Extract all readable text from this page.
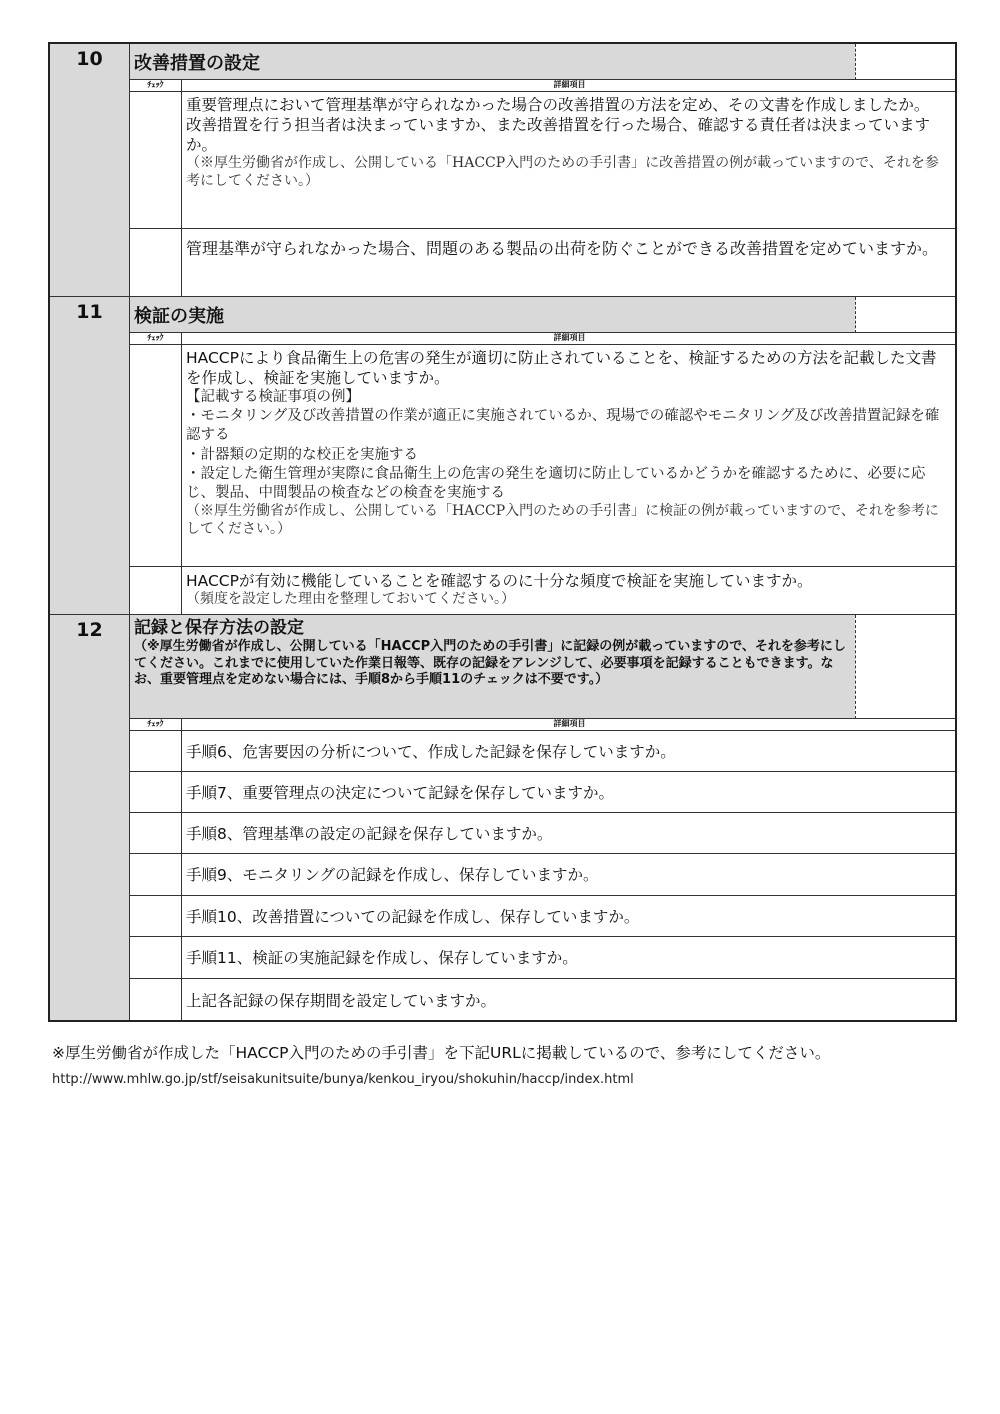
10 改善措置の設定
ﾁｪｯｸ	詳細項目
重要管理点において管理基準が守られなかった場合の改善措置の方法を定め、その文書を作成しましたか。
改善措置を行う担当者は決まっていますか、また改善措置を行った場合、確認する責任者は決まっていますか。
（※厚生労働省が作成し、公開している「HACCP入門のための手引書」に改善措置の例が載っていますので、それを参考にしてください。）
管理基準が守られなかった場合、問題のある製品の出荷を防ぐことができる改善措置を定めていますか。
11 検証の実施
ﾁｪｯｸ	詳細項目
HACCPにより食品衛生上の危害の発生が適切に防止されていることを、検証するための方法を記載した文書を作成し、検証を実施していますか。
【記載する検証事項の例】
・モニタリング及び改善措置の作業が適正に実施されているか、現場での確認やモニタリング及び改善措置記録を確認する
・計器類の定期的な校正を実施する
・設定した衛生管理が実際に食品衛生上の危害の発生を適切に防止しているかどうかを確認するために、必要に応じ、製品、中間製品の検査などの検査を実施する
（※厚生労働省が作成し、公開している「HACCP入門のための手引書」に検証の例が載っていますので、それを参考にしてください。）
HACCPが有効に機能していることを確認するのに十分な頻度で検証を実施していますか。
（頻度を設定した理由を整理しておいてください。）
12 記録と保存方法の設定
（※厚生労働省が作成し、公開している「HACCP入門のための手引書」に記録の例が載っていますので、それを参考にしてください。これまでに使用していた作業日報等、既存の記録をアレンジして、必要事項を記録することもできます。なお、重要管理点を定めない場合には、手順8から手順11のチェックは不要です。）
ﾁｪｯｸ	詳細項目
手順6、危害要因の分析について、作成した記録を保存していますか。
手順7、重要管理点の決定について記録を保存していますか。
手順8、管理基準の設定の記録を保存していますか。
手順9、モニタリングの記録を作成し、保存していますか。
手順10、改善措置についての記録を作成し、保存していますか。
手順11、検証の実施記録を作成し、保存していますか。
上記各記録の保存期間を設定していますか。
※厚生労働省が作成した「HACCP入門のための手引書」を下記URLに掲載しているので、参考にしてください。
http://www.mhlw.go.jp/stf/seisakunitsuite/bunya/kenkou_iryou/shokuhin/haccp/index.html
